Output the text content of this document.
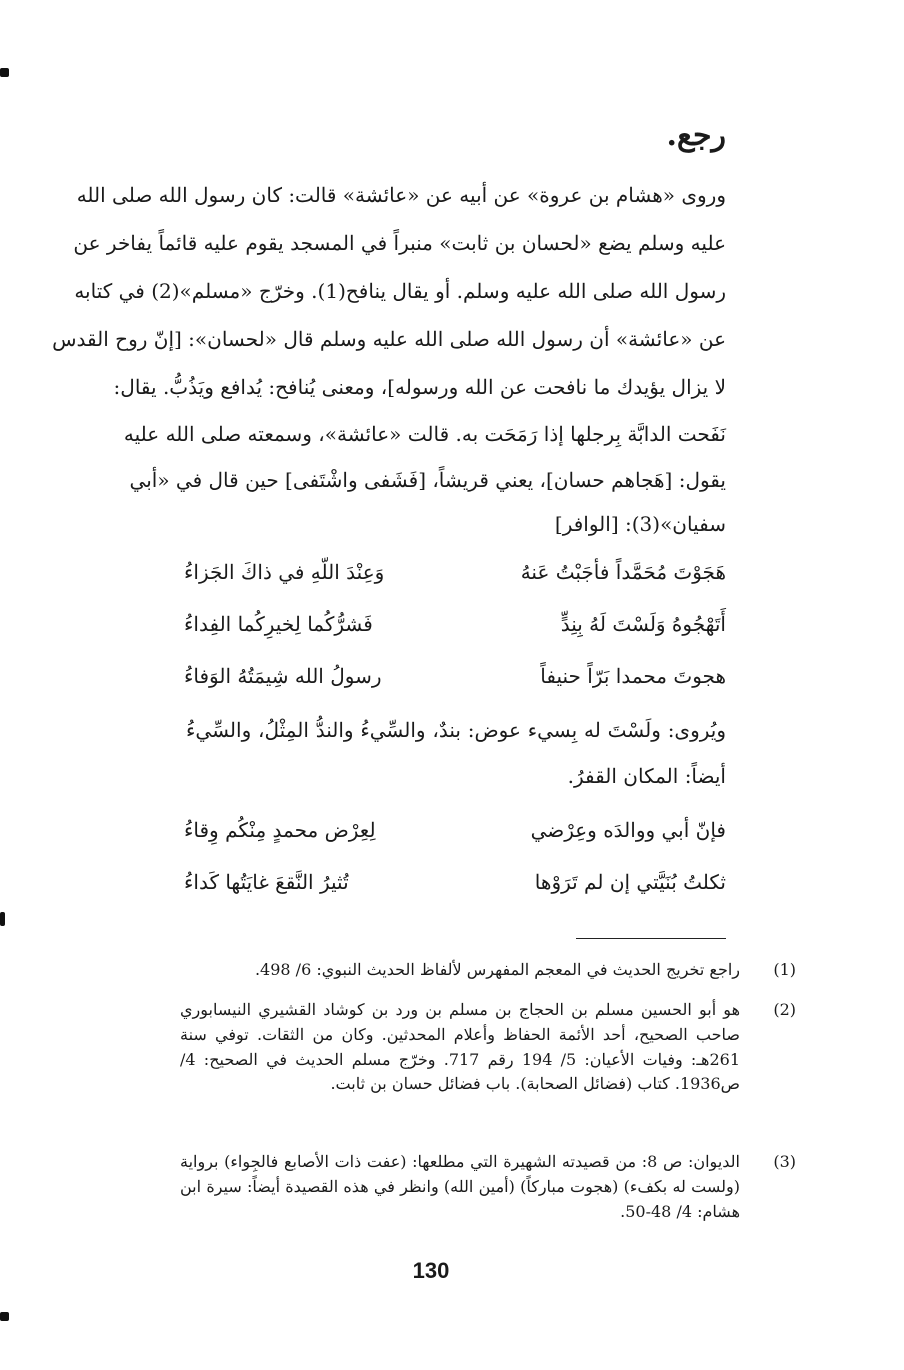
رجع.
وروى «هشام بن عروة» عن أبيه عن «عائشة» قالت: كان رسول الله صلى الله
عليه وسلم يضع «لحسان بن ثابت» منبراً في المسجد يقوم عليه قائماً يفاخر عن
رسول الله صلى الله عليه وسلم. أو يقال ينافح(1). وخرّج «مسلم»(2) في كتابه
عن «عائشة» أن رسول الله صلى الله عليه وسلم قال «لحسان»: [إنّ روح القدس
لا يزال يؤيدك ما نافحت عن الله ورسوله]، ومعنى يُنافح: يُدافع ويَذُبُّ. يقال:
نَفَحت الدابَّة بِرجلها إذا رَمَحَت به. قالت «عائشة»، وسمعته صلى الله عليه
يقول: [هَجاهم حسان]، يعني قريشاً، [فَشَفى واشْتَفى] حين قال في «أبي
سفيان»(3): [الوافر]
هَجَوْتَ مُحَمَّداً فأجَبْتُ عَنهُ
وَعِنْدَ اللّهِ في ذاكَ الجَزاءُ
أَتَهْجُوهُ وَلَسْتَ لَهُ بِنِدٍّ
فَشرُّكُما لِخيرِكُما الفِداءُ
هجوتَ محمدا بَرّاً حنيفاً
رسولُ الله شِيمَتُهُ الوَفاءُ
ويُروى: ولَسْتَ له بِسيء عوض: بندٌ، والسِّيءُ والندُّ المِثْلُ، والسِّيءُ
أيضاً: المكان القفرُ.
فإنّ أبي ووالدَه وعِرْضي
لِعِرْض محمدٍ مِنْكُم وِقاءُ
ثكلتُ بُنَيَّتي إن لم تَرَوْها
تُثيرُ النَّقعَ غايَتُها كَداءُ
(1)
راجع تخريج الحديث في المعجم المفهرس لألفاظ الحديث النبوي: 6/ 498.
(2)
هو أبو الحسين مسلم بن الحجاج بن مسلم بن ورد بن كوشاد القشيري النيسابوري صاحب الصحيح، أحد الأئمة الحفاظ وأعلام المحدثين. وكان من الثقات. توفي سنة 261هـ: وفيات الأعيان: 5/ 194 رقم 717. وخرّج مسلم الحديث في الصحيح: 4/ ص1936. كتاب (فضائل الصحابة). باب فضائل حسان بن ثابت.
(3)
الديوان: ص 8: من قصيدته الشهيرة التي مطلعها: (عفت ذات الأصابع فالجِواء) برواية (ولست له بكفء) (هجوت مباركاً) (أمين الله) وانظر في هذه القصيدة أيضاً: سيرة ابن هشام: 4/ 48-50.
130
